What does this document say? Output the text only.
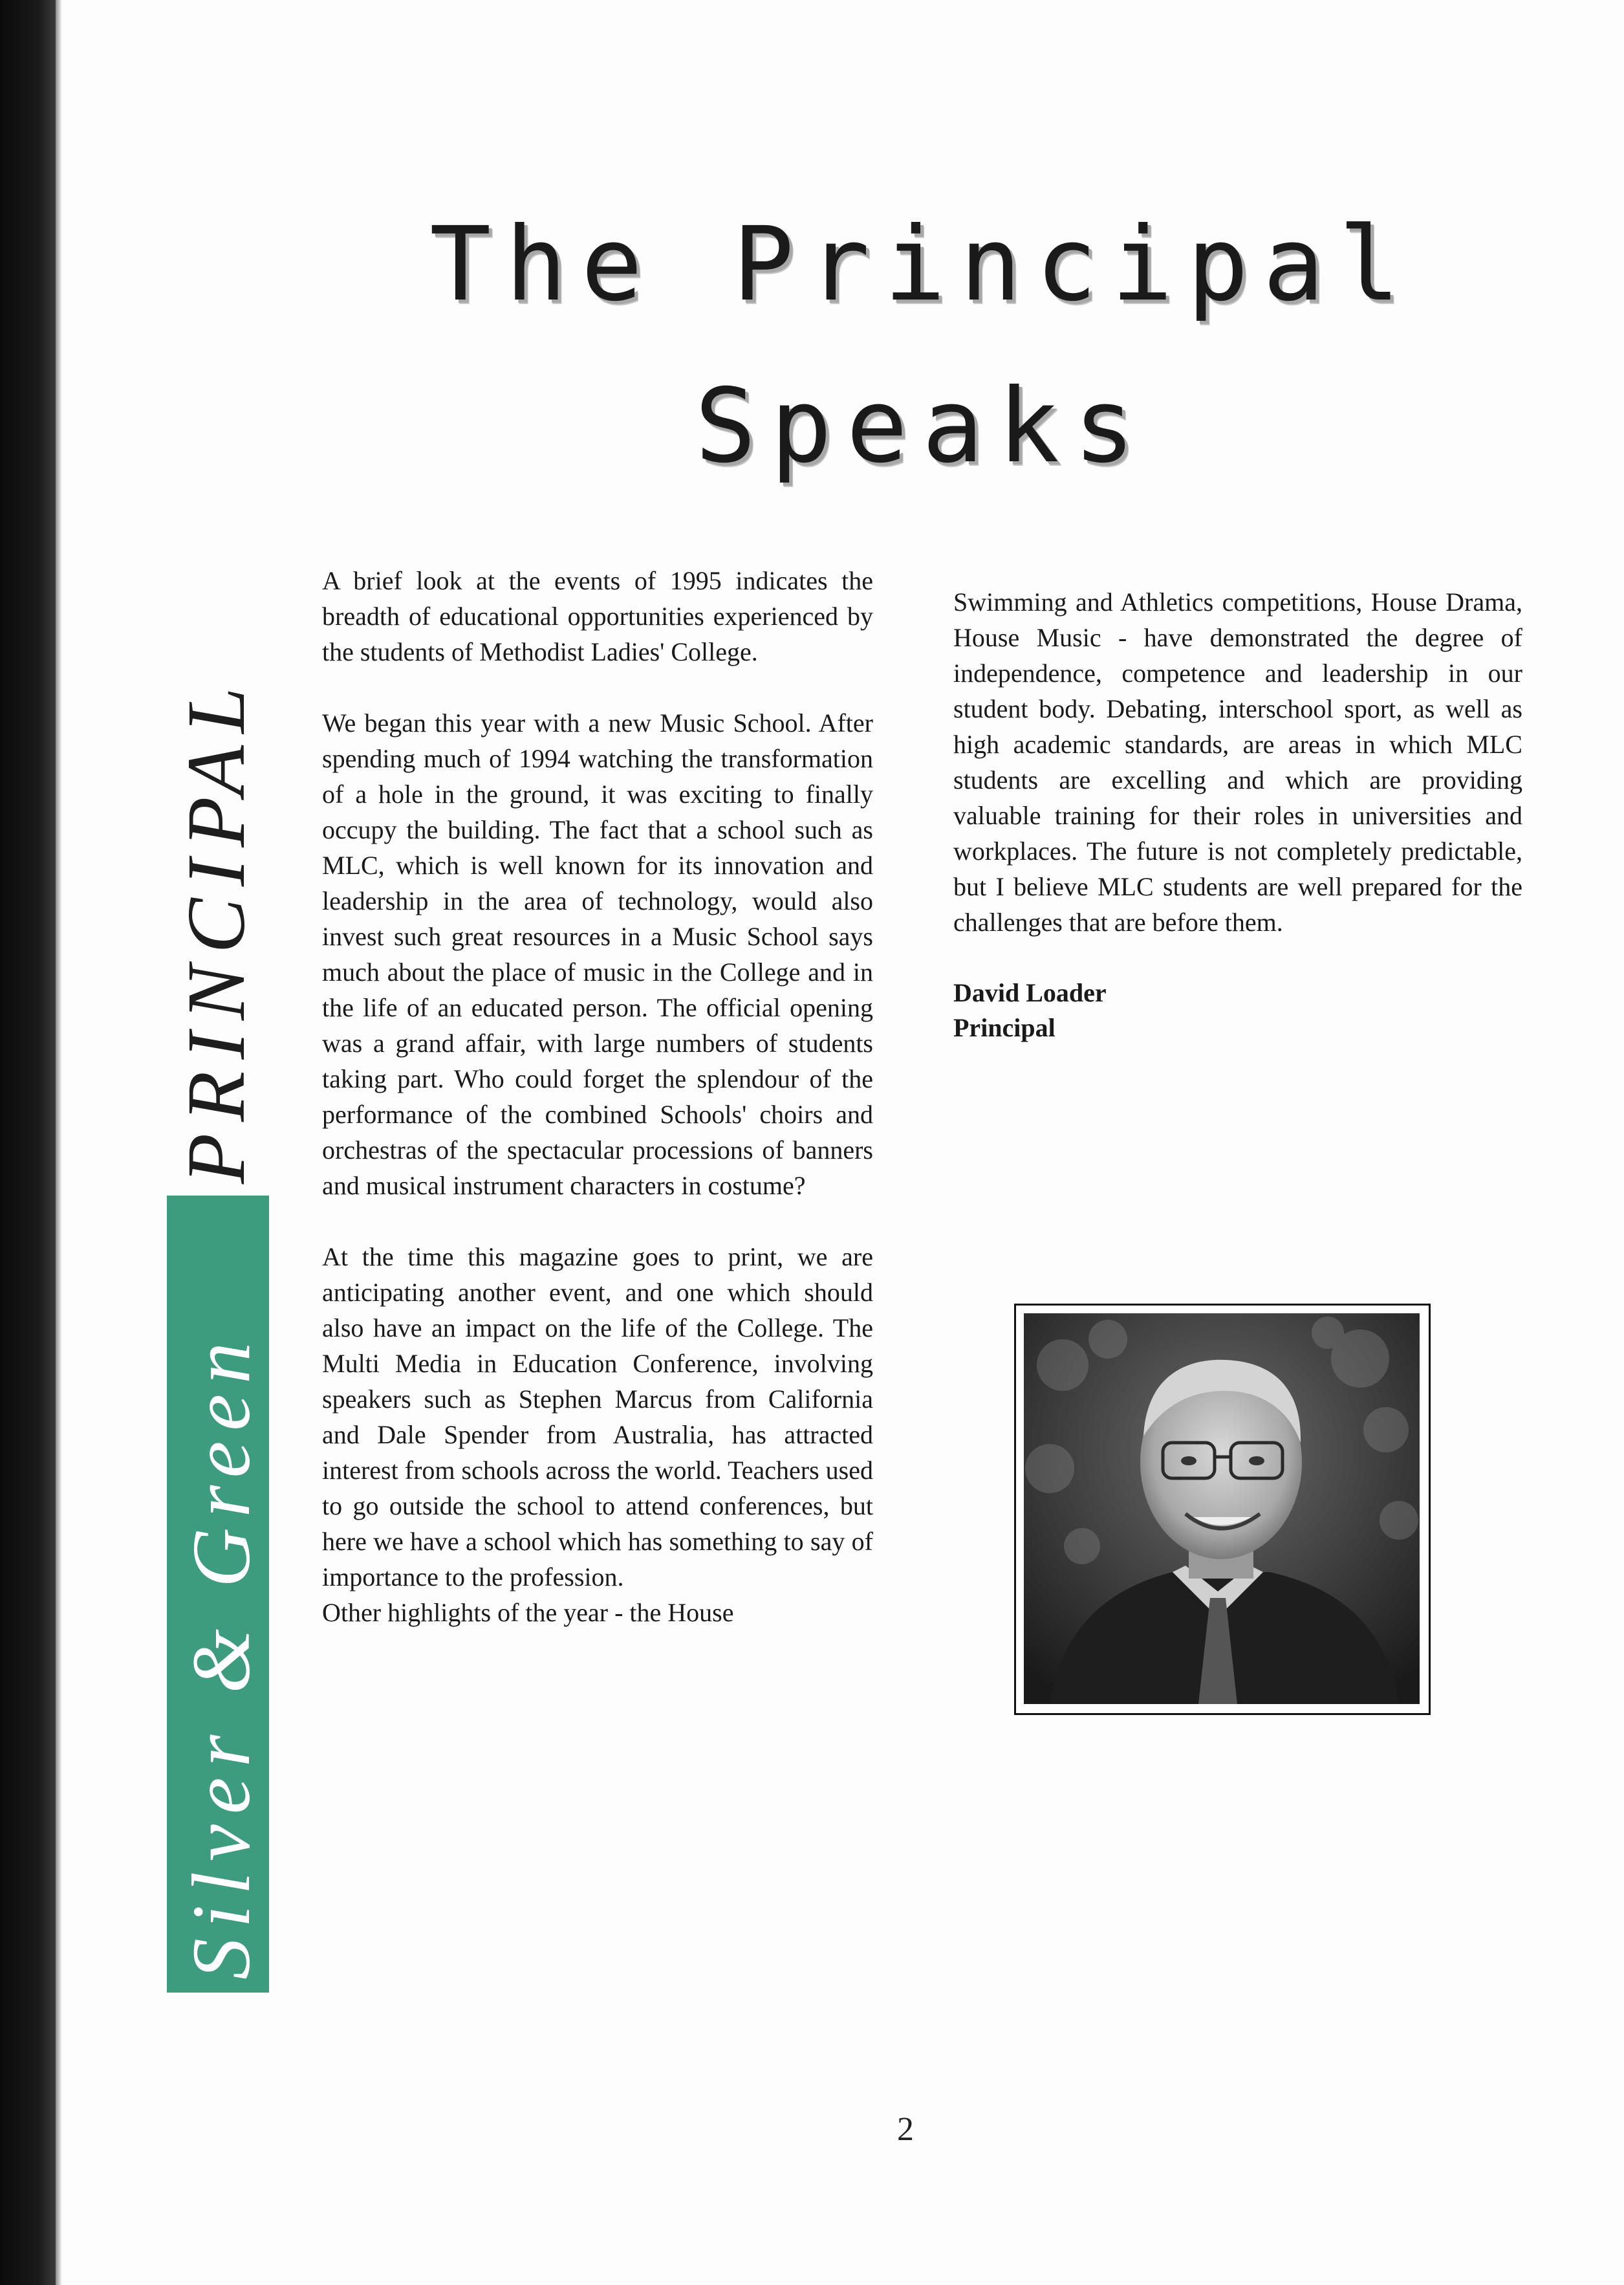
The Principal
Speaks
Silver & Green
PRINCIPAL

A brief look at the events of 1995 indicates the breadth of educational opportunities experienced by the students of Methodist Ladies' College.

We began this year with a new Music School. After spending much of 1994 watching the transformation of a hole in the ground, it was exciting to finally occupy the building. The fact that a school such as MLC, which is well known for its innovation and leadership in the area of technology, would also invest such great resources in a Music School says much about the place of music in the College and in the life of an educated person. The official opening was a grand affair, with large numbers of students taking part. Who could forget the splendour of the performance of the combined Schools' choirs and orchestras of the spectacular processions of banners and musical instrument characters in costume?

At the time this magazine goes to print, we are anticipating another event, and one which should also have an impact on the life of the College. The Multi Media in Education Conference, involving speakers such as Stephen Marcus from California and Dale Spender from Australia, has attracted interest from schools across the world. Teachers used to go outside the school to attend conferences, but here we have a school which has something to say of importance to the profession.

Other highlights of the year - the House

Swimming and Athletics competitions, House Drama, House Music - have demonstrated the degree of independence, competence and leadership in our student body. Debating, interschool sport, as well as high academic standards, are areas in which MLC students are excelling and which are providing valuable training for their roles in universities and workplaces. The future is not completely predictable, but I believe MLC students are well prepared for the challenges that are before them.

David Loader
Principal
2
